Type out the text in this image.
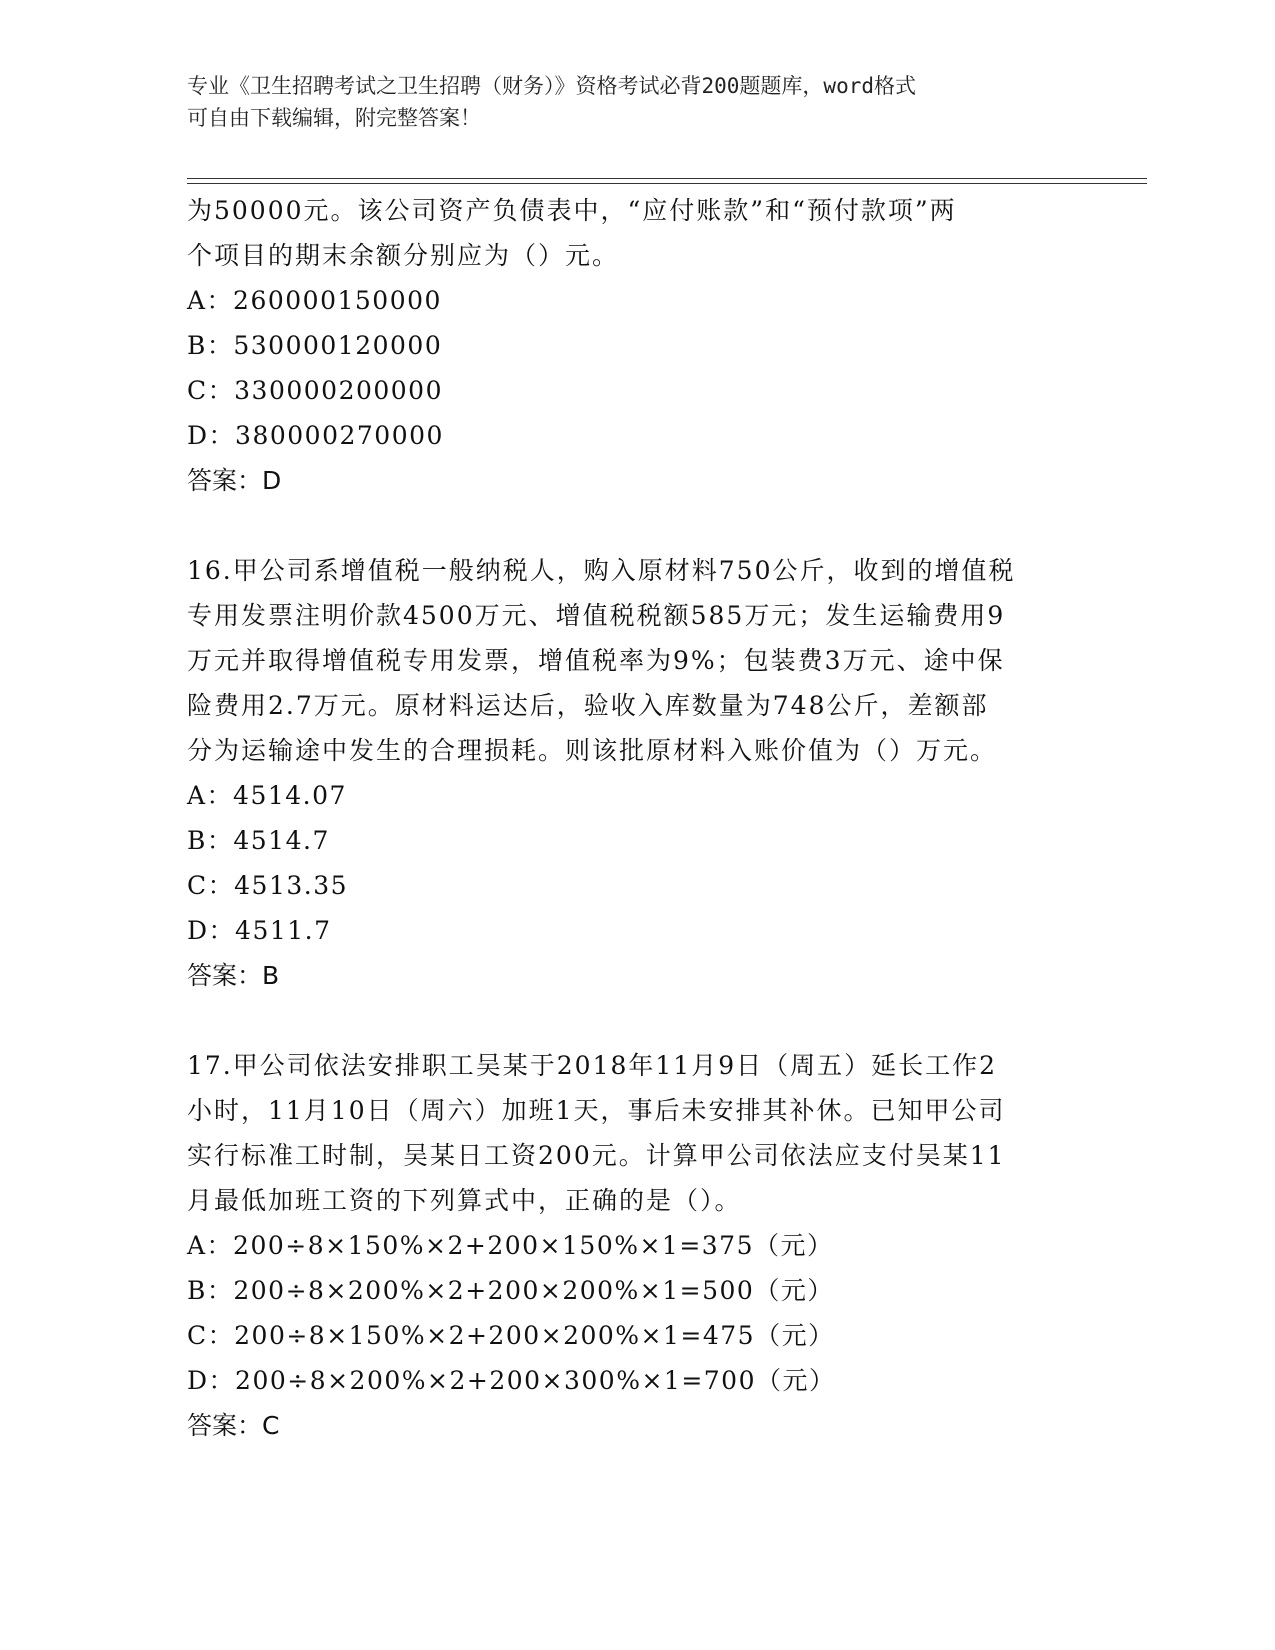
专业《卫生招聘考试之卫生招聘（财务）》资格考试必背200题题库，word格式
可自由下载编辑，附完整答案！

为50000元。该公司资产负债表中，“应付账款”和“预付款项”两

个项目的期末余额分别应为（）元。

A：260000150000

B：530000120000

C：330000200000

D：380000270000

答案：D

16.甲公司系增值税一般纳税人，购入原材料750公斤，收到的增值税

专用发票注明价款4500万元、增值税税额585万元；发生运输费用9

万元并取得增值税专用发票，增值税率为9%；包装费3万元、途中保

险费用2.7万元。原材料运达后，验收入库数量为748公斤，差额部

分为运输途中发生的合理损耗。则该批原材料入账价值为（）万元。

A：4514.07

B：4514.7

C：4513.35

D：4511.7

答案：B

17.甲公司依法安排职工吴某于2018年11月9日（周五）延长工作2

小时，11月10日（周六）加班1天，事后未安排其补休。已知甲公司

实行标准工时制，吴某日工资200元。计算甲公司依法应支付吴某11

月最低加班工资的下列算式中，正确的是（）。

A：200÷8×150%×2+200×150%×1=375（元）

B：200÷8×200%×2+200×200%×1=500（元）

C：200÷8×150%×2+200×200%×1=475（元）

D：200÷8×200%×2+200×300%×1=700（元）

答案：C
